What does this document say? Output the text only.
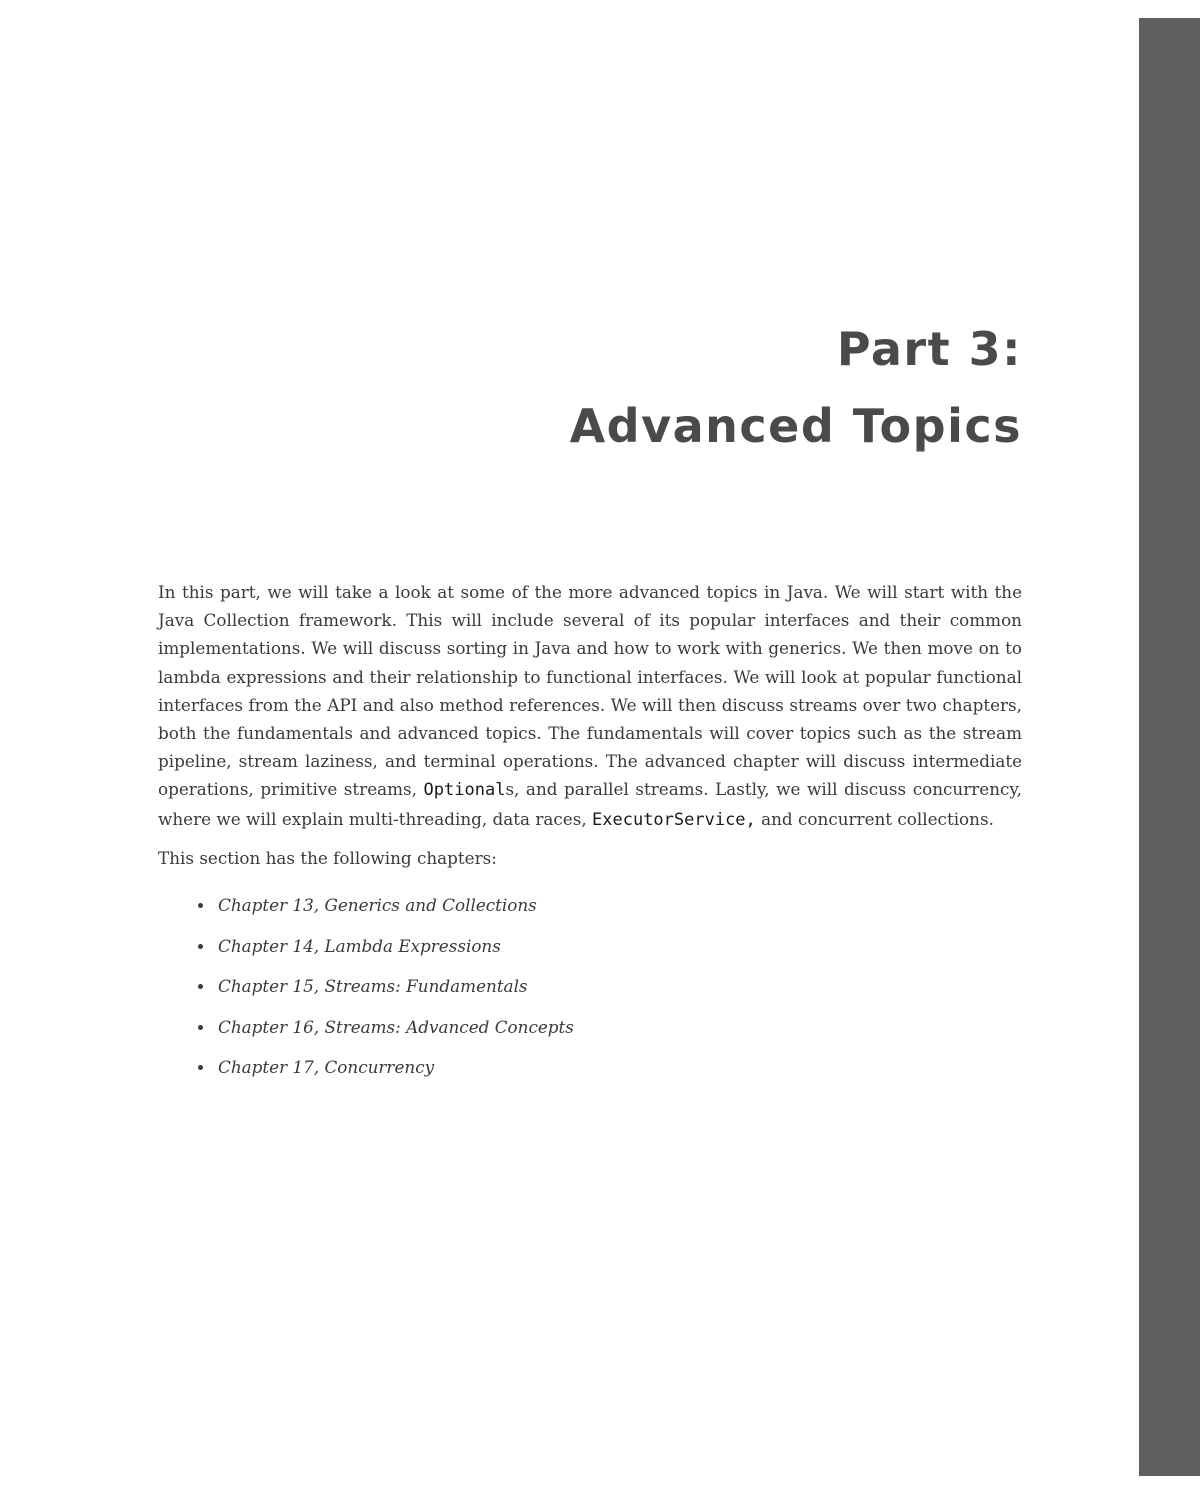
Part 3:
Advanced Topics

In this part, we will take a look at some of the more advanced topics in Java. We will start with the Java Collection framework. This will include several of its popular interfaces and their common implementations. We will discuss sorting in Java and how to work with generics. We then move on to lambda expressions and their relationship to functional interfaces. We will look at popular functional interfaces from the API and also method references. We will then discuss streams over two chapters, both the fundamentals and advanced topics. The fundamentals will cover topics such as the stream pipeline, stream laziness, and terminal operations. The advanced chapter will discuss intermediate operations, primitive streams, Optionals, and parallel streams. Lastly, we will discuss concurrency, where we will explain multi-threading, data races, ExecutorService, and concurrent collections.

This section has the following chapters:

Chapter 13, Generics and Collections
Chapter 14, Lambda Expressions
Chapter 15, Streams: Fundamentals
Chapter 16, Streams: Advanced Concepts
Chapter 17, Concurrency
